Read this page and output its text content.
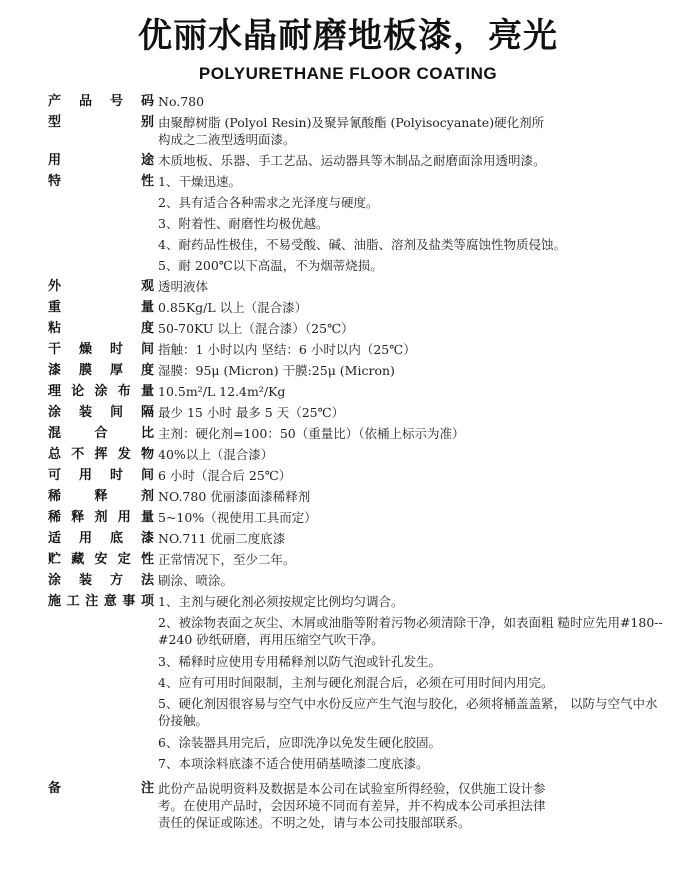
优丽水晶耐磨地板漆，亮光
POLYURETHANE FLOOR COATING
产 品 号 码 No.780
型	别 由聚醇树脂 (Polyol Resin)及聚异氰酸酯 (Polyisocyanate)硬化剂所
构成之二液型透明面漆。
用	途 木质地板、乐器、手工艺品、运动器具等木制品之耐磨面涂用透明漆。
特	性 1、干燥迅速。
2、具有适合各种需求之光泽度与硬度。
3、附着性、耐磨性均极优越。
4、耐药品性极佳，不易受酸、碱、油脂、溶剂及盐类等腐蚀性物质侵蚀。
5、耐 200℃以下高温，不为烟蒂烧损。
外	观 透明液体
重	量 0.85Kg/L 以上（混合漆）
粘	度 50-70KU 以上（混合漆）（25℃）
干 燥 时 间 指触：1 小时以内 坚结：6 小时以内（25℃）
漆 膜 厚 度 湿膜：95μ (Micron) 干膜:25μ (Micron)
理 论 涂 布 量 10.5m²/L 12.4m²/Kg
涂 装 间 隔 最少 15 小时 最多 5 天（25℃）
混	合	比 主剂：硬化剂=100：50（重量比）（依桶上标示为准）
总 不 挥 发 物 40%以上（混合漆）
可 用 时 间 6 小时（混合后 25℃）
稀	释	剂 NO.780 优丽漆面漆稀释剂
稀 释 剂 用 量 5~10%（视使用工具而定）
适 用 底 漆 NO.711 优丽二度底漆
贮 藏 安 定 性 正常情况下，至少二年。
涂 装 方 法 刷涂、喷涂。
施 工 注 意 事 项 1、主剂与硬化剂必须按规定比例均匀调合。
2、被涂物表面之灰尘、木屑或油脂等附着污物必须清除干净，如表面粗 糙时应先用#180--#240 砂纸研磨，再用压缩空气吹干净。
3、稀释时应使用专用稀释剂以防气泡或针孔发生。
4、应有可用时间限制，主剂与硬化剂混合后，必须在可用时间内用完。
5、硬化剂因很容易与空气中水份反应产生气泡与胶化，必须将桶盖盖紧， 以防与空气中水份接触。
6、涂装器具用完后，应即洗净以免发生硬化胶固。
7、本项涂料底漆不适合使用硝基喷漆二度底漆。
备	注 此份产品说明资料及数据是本公司在试验室所得经验，仅供施工设计参
考。在使用产品时，会因环境不同而有差异，并不构成本公司承担法律
责任的保证或陈述。不明之处，请与本公司技服部联系。
